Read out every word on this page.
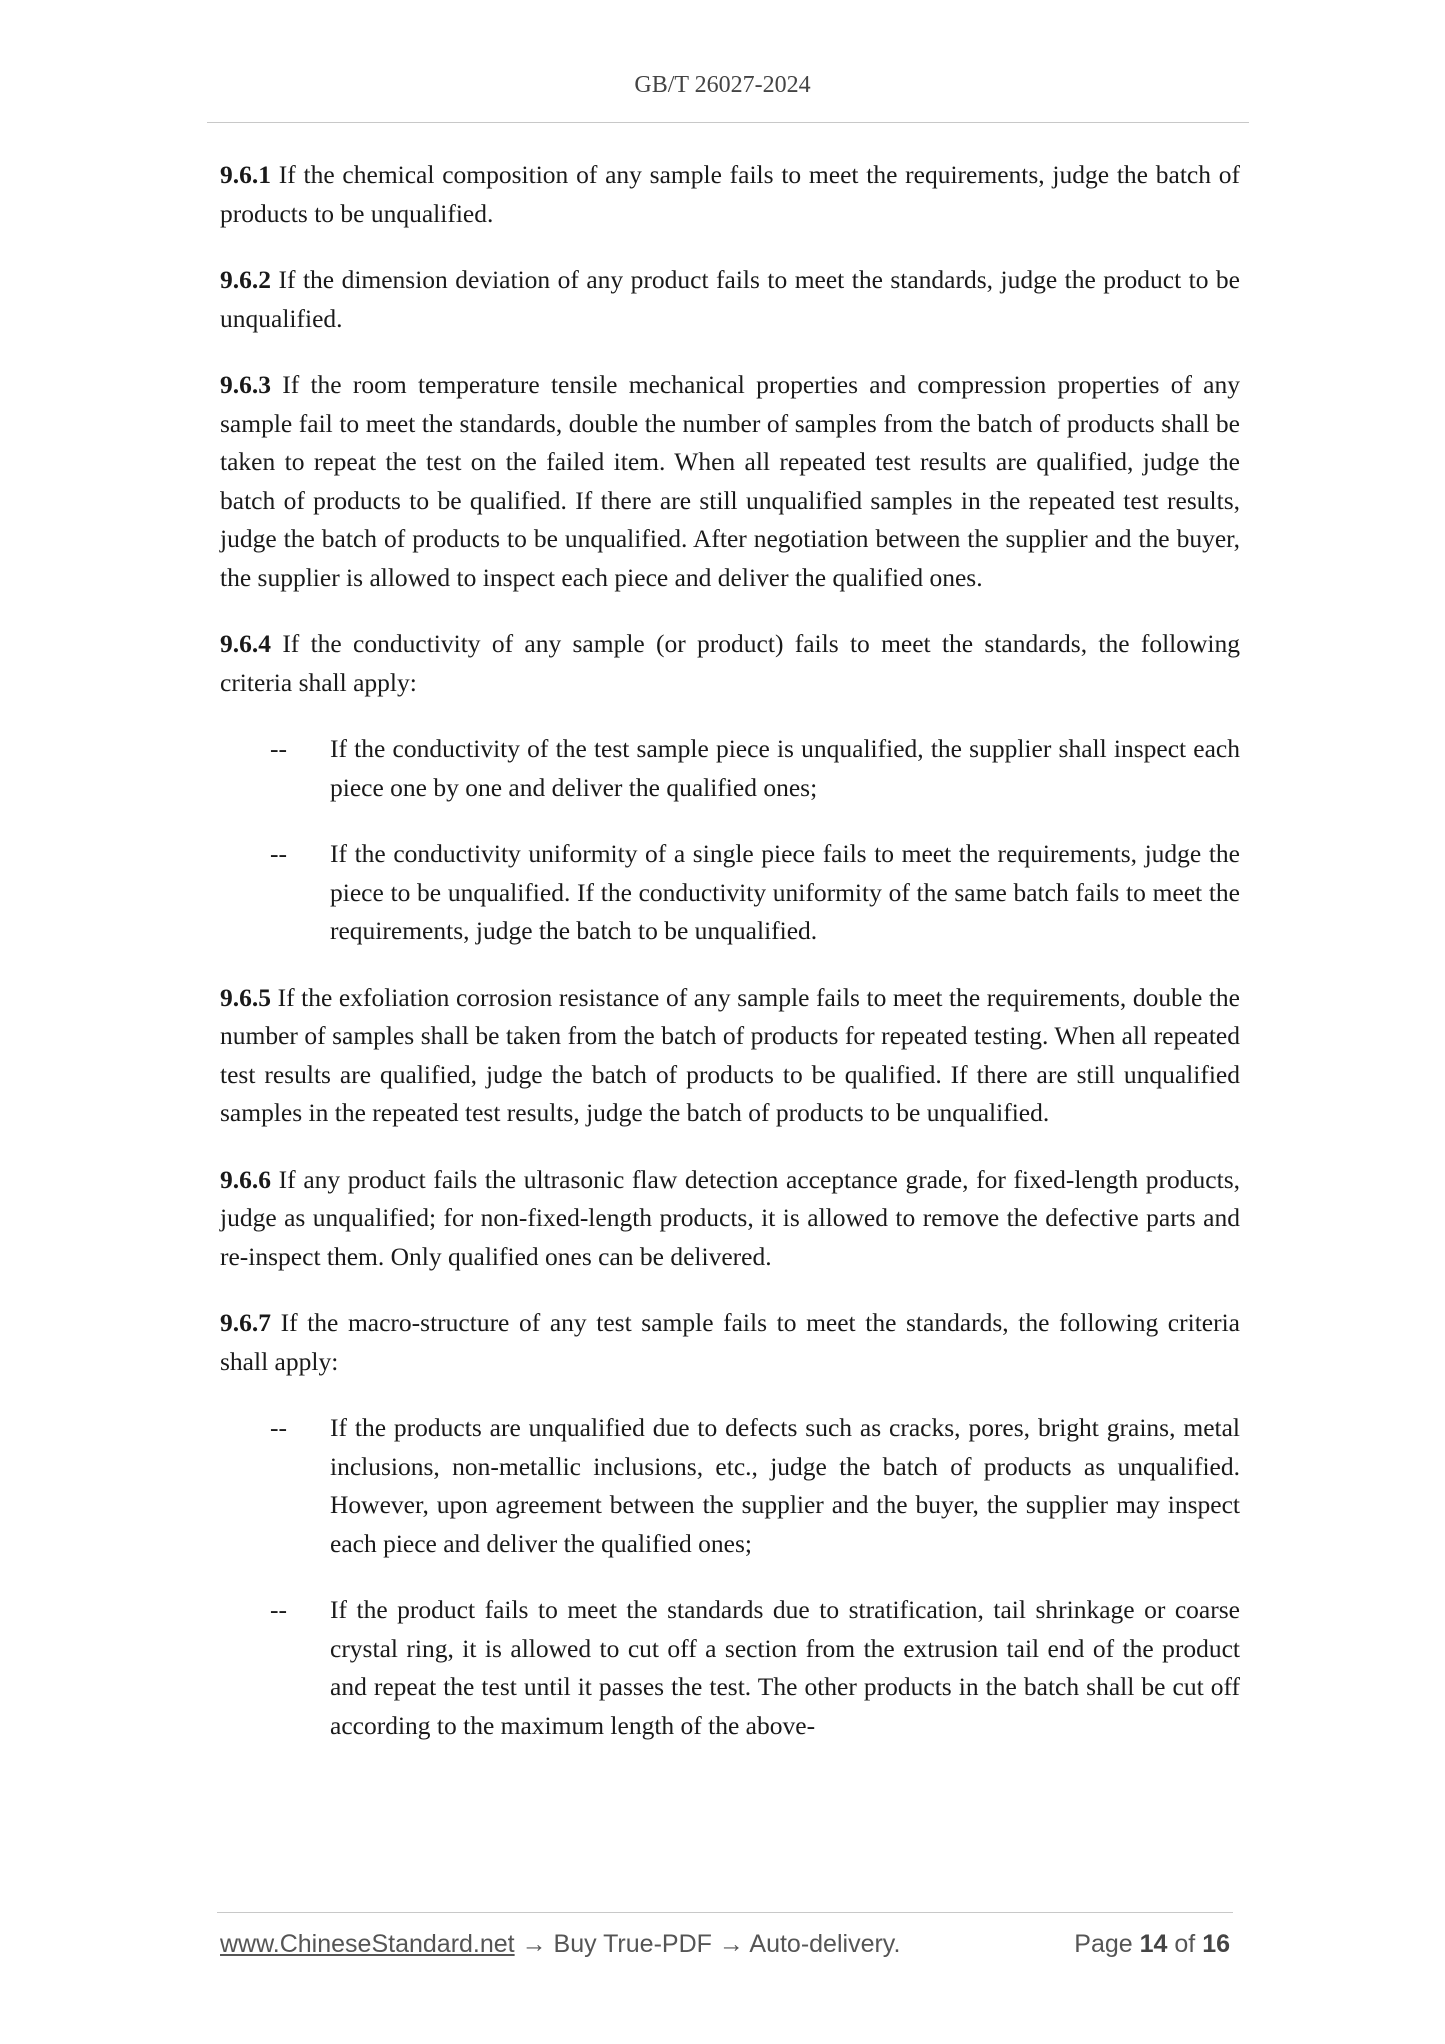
GB/T 26027-2024

9.6.1 If the chemical composition of any sample fails to meet the requirements, judge the batch of products to be unqualified.

9.6.2 If the dimension deviation of any product fails to meet the standards, judge the product to be unqualified.

9.6.3 If the room temperature tensile mechanical properties and compression properties of any sample fail to meet the standards, double the number of samples from the batch of products shall be taken to repeat the test on the failed item. When all repeated test results are qualified, judge the batch of products to be qualified. If there are still unqualified samples in the repeated test results, judge the batch of products to be unqualified. After negotiation between the supplier and the buyer, the supplier is allowed to inspect each piece and deliver the qualified ones.

9.6.4 If the conductivity of any sample (or product) fails to meet the standards, the following criteria shall apply:

-- If the conductivity of the test sample piece is unqualified, the supplier shall inspect each piece one by one and deliver the qualified ones;
-- If the conductivity uniformity of a single piece fails to meet the requirements, judge the piece to be unqualified. If the conductivity uniformity of the same batch fails to meet the requirements, judge the batch to be unqualified.

9.6.5 If the exfoliation corrosion resistance of any sample fails to meet the requirements, double the number of samples shall be taken from the batch of products for repeated testing. When all repeated test results are qualified, judge the batch of products to be qualified. If there are still unqualified samples in the repeated test results, judge the batch of products to be unqualified.

9.6.6 If any product fails the ultrasonic flaw detection acceptance grade, for fixed-length products, judge as unqualified; for non-fixed-length products, it is allowed to remove the defective parts and re-inspect them. Only qualified ones can be delivered.

9.6.7 If the macro-structure of any test sample fails to meet the standards, the following criteria shall apply:

-- If the products are unqualified due to defects such as cracks, pores, bright grains, metal inclusions, non-metallic inclusions, etc., judge the batch of products as unqualified. However, upon agreement between the supplier and the buyer, the supplier may inspect each piece and deliver the qualified ones;
-- If the product fails to meet the standards due to stratification, tail shrinkage or coarse crystal ring, it is allowed to cut off a section from the extrusion tail end of the product and repeat the test until it passes the test. The other products in the batch shall be cut off according to the maximum length of the above-
www.ChineseStandard.net → Buy True-PDF → Auto-delivery.	Page 14 of 16
